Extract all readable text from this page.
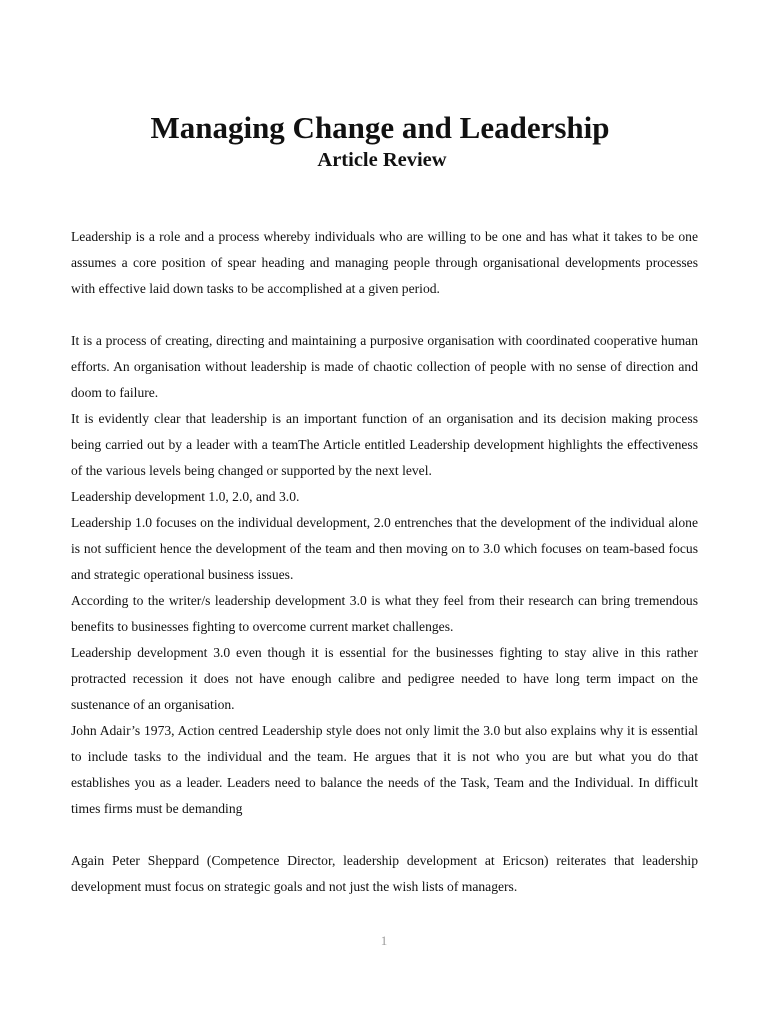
Managing Change and Leadership
Article Review

Leadership is a role and a process whereby individuals who are willing to be one and has what it takes to be one assumes a core position of spear heading and managing people through organisational developments processes with effective laid down tasks to be accomplished at a given period.

It is a process of creating, directing and maintaining a purposive organisation with coordinated cooperative human efforts. An organisation without leadership is made of chaotic collection of people with no sense of direction and doom to failure.

It is evidently clear that leadership is an important function of an organisation and its decision making process being carried out by a leader with a teamThe Article entitled Leadership development highlights the effectiveness of the various levels being changed or supported by the next level.

Leadership development 1.0, 2.0, and 3.0.

Leadership 1.0 focuses on the individual development, 2.0 entrenches that the development of the individual alone is not sufficient hence the development of the team and then moving on to 3.0 which focuses on team-based focus and strategic operational business issues.

According to the writer/s leadership development 3.0 is what they feel from their research can bring tremendous benefits to businesses fighting to overcome current market challenges.

Leadership development 3.0 even though it is essential for the businesses fighting to stay alive in this rather protracted recession it does not have enough calibre and pedigree needed to have long term impact on the sustenance of an organisation.

John Adair’s 1973, Action centred Leadership style does not only limit the 3.0 but also explains why it is essential to include tasks to the individual and the team. He argues that it is not who you are but what you do that establishes you as a leader. Leaders need to balance the needs of the Task, Team and the Individual. In difficult times firms must be demanding

Again Peter Sheppard (Competence Director, leadership development at Ericson) reiterates that leadership development must focus on strategic goals and not just the wish lists of managers.

1
